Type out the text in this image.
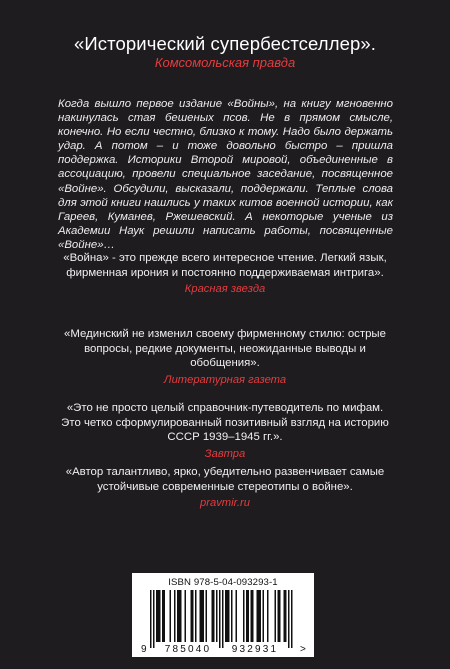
«Исторический супербестселлер».
Комсомольская правда
Когда вышло первое издание «Войны», на книгу мгновенно накинулась стая бешеных псов. Не в прямом смысле, конечно. Но если честно, близко к тому. Надо было держать удар. А потом – и тоже довольно быстро – пришла поддержка. Историки Второй мировой, объединенные в ассоциацию, провели специальное заседание, посвященное «Войне». Обсудили, высказали, поддержали. Теплые слова для этой книги нашлись у таких китов военной истории, как Гареев, Куманев, Ржешевский. А некоторые ученые из Академии Наук решили написать работы, посвященные «Войне»…
«Война» - это прежде всего интересное чтение. Легкий язык, фирменная ирония и постоянно поддерживаемая интрига».
Красная звезда
«Мединский не изменил своему фирменному стилю: острые вопросы, редкие документы, неожиданные выводы и обобщения».
Литературная газета
«Это не просто целый справочник-путеводитель по мифам. Это четко сформулированный позитивный взгляд на историю СССР 1939–1945 гг.».
Завтра
«Автор талантливо, ярко, убедительно развенчивает самые устойчивые современные стереотипы о войне».
pravmir.ru
ISBN 978-5-04-093293-1
9 785040 932931 >
